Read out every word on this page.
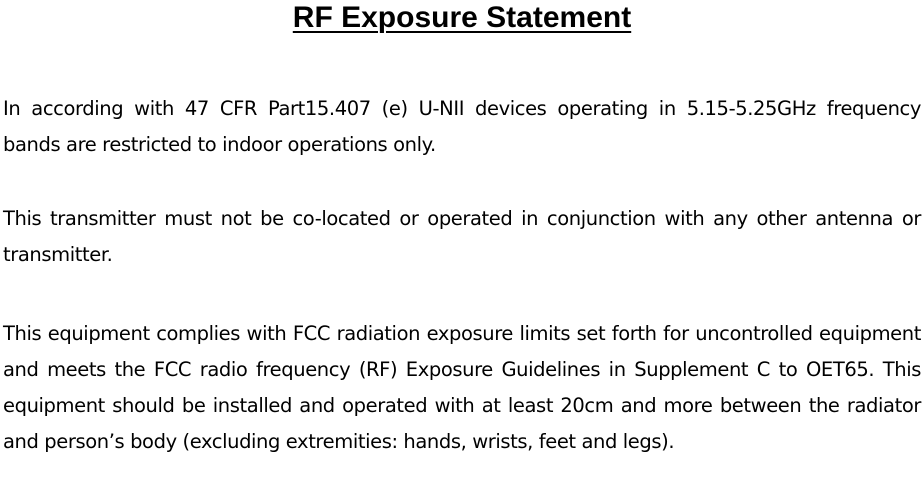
RF Exposure Statement

In according with 47 CFR Part15.407 (e) U-NII devices operating in 5.15-5.25GHz frequency bands are restricted to indoor operations only.

This transmitter must not be co-located or operated in conjunction with any other antenna or transmitter.

This equipment complies with FCC radiation exposure limits set forth for uncontrolled equipment and meets the FCC radio frequency (RF) Exposure Guidelines in Supplement C to OET65. This equipment should be installed and operated with at least 20cm and more between the radiator and person’s body (excluding extremities: hands, wrists, feet and legs).
